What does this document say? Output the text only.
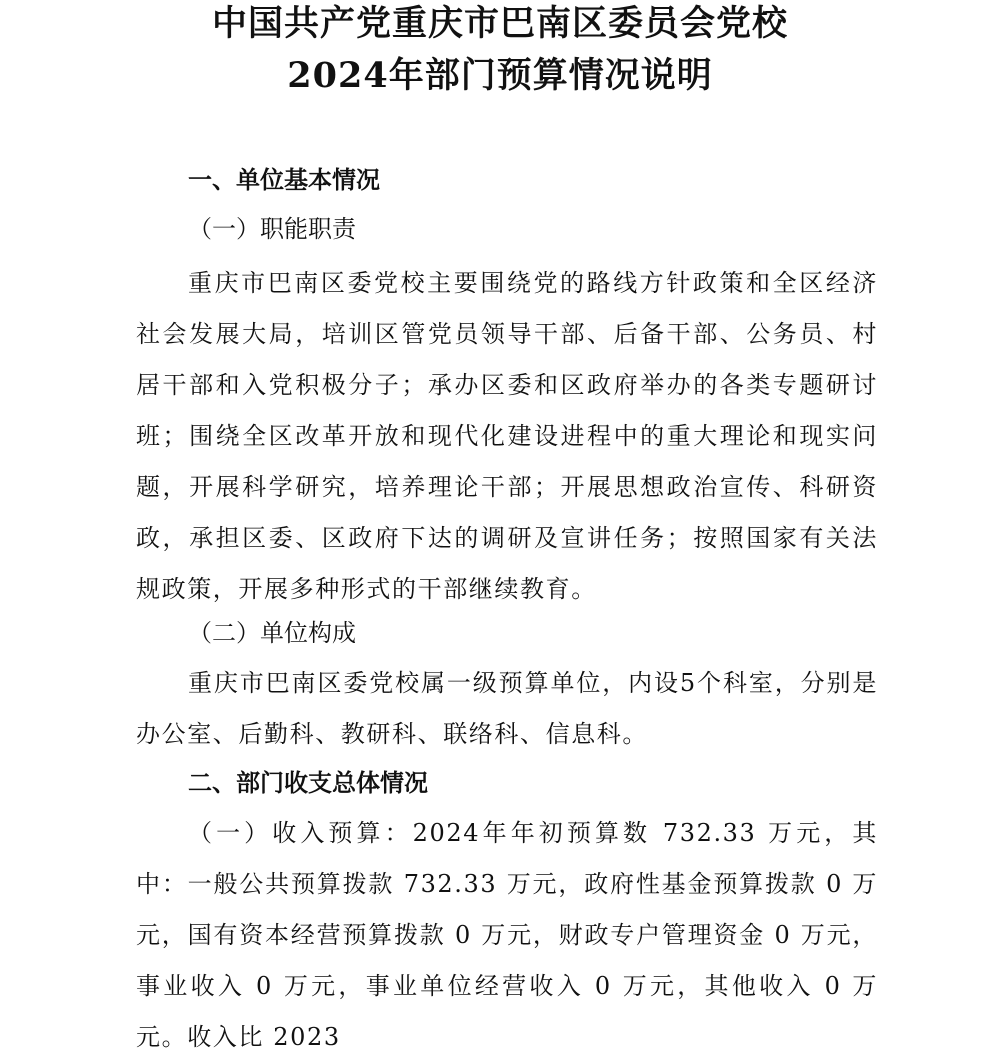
中国共产党重庆市巴南区委员会党校
2024年部门预算情况说明
一、单位基本情况
（一）职能职责
重庆市巴南区委党校主要围绕党的路线方针政策和全区经济社会发展大局，培训区管党员领导干部、后备干部、公务员、村居干部和入党积极分子；承办区委和区政府举办的各类专题研讨班；围绕全区改革开放和现代化建设进程中的重大理论和现实问题，开展科学研究，培养理论干部；开展思想政治宣传、科研资政，承担区委、区政府下达的调研及宣讲任务；按照国家有关法规政策，开展多种形式的干部继续教育。
（二）单位构成
重庆市巴南区委党校属一级预算单位，内设5个科室，分别是办公室、后勤科、教研科、联络科、信息科。
二、部门收支总体情况
（一）收入预算：2024年年初预算数 732.33 万元，其中：一般公共预算拨款 732.33 万元，政府性基金预算拨款 0 万元，国有资本经营预算拨款 0 万元，财政专户管理资金 0 万元，事业收入 0 万元，事业单位经营收入 0 万元，其他收入 0 万元。收入比 2023
